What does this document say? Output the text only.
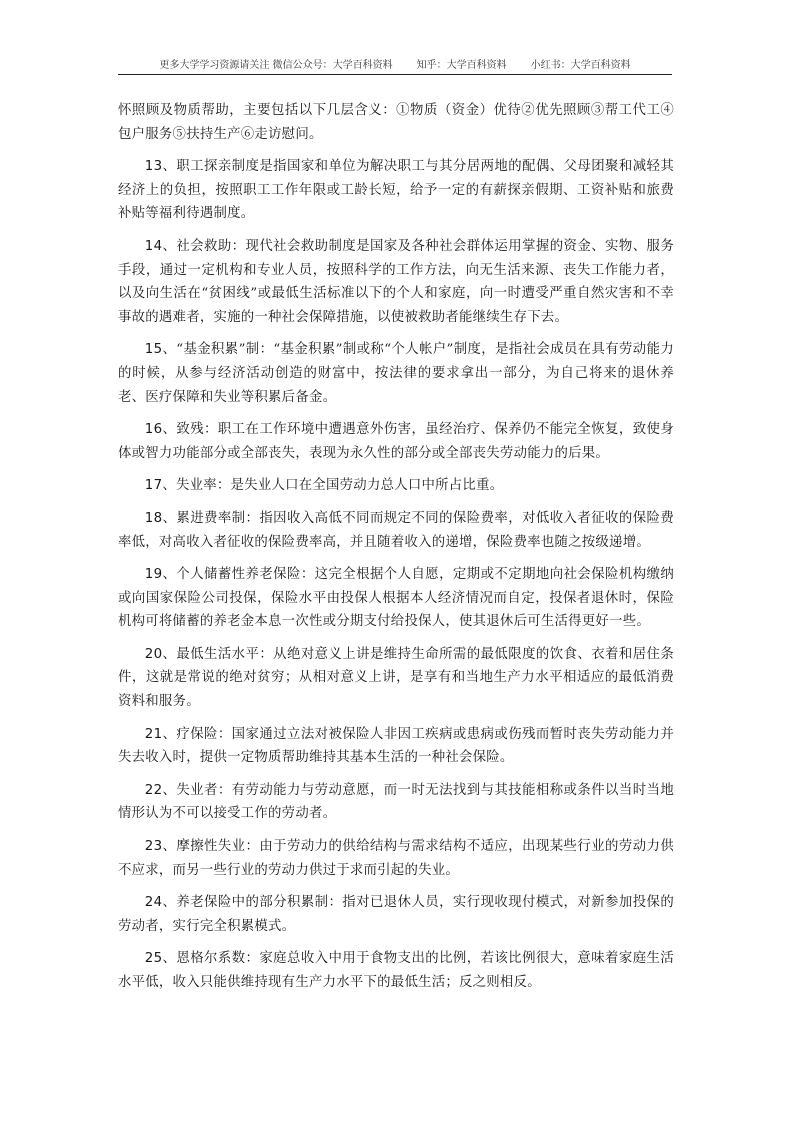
更多大学学习资源请关注 微信公众号：大学百科资料 知乎：大学百科资料 小红书：大学百科资料

怀照顾及物质帮助，主要包括以下几层含义：①物质（资金）优待②优先照顾③帮工代工④包户服务⑤扶持生产⑥走访慰问。

13、职工探亲制度是指国家和单位为解决职工与其分居两地的配偶、父母团聚和减轻其经济上的负担，按照职工工作年限或工龄长短，给予一定的有薪探亲假期、工资补贴和旅费补贴等福利待遇制度。

14、社会救助：现代社会救助制度是国家及各种社会群体运用掌握的资金、实物、服务手段，通过一定机构和专业人员，按照科学的工作方法，向无生活来源、丧失工作能力者，以及向生活在“贫困线”或最低生活标准以下的个人和家庭，向一时遭受严重自然灾害和不幸事故的遇难者，实施的一种社会保障措施，以使被救助者能继续生存下去。

15、“基金积累”制：“基金积累”制或称“个人帐户”制度，是指社会成员在具有劳动能力的时候，从参与经济活动创造的财富中，按法律的要求拿出一部分，为自己将来的退休养老、医疗保障和失业等积累后备金。

16、致残：职工在工作环境中遭遇意外伤害，虽经治疗、保养仍不能完全恢复，致使身体或智力功能部分或全部丧失，表现为永久性的部分或全部丧失劳动能力的后果。

17、失业率：是失业人口在全国劳动力总人口中所占比重。

18、累进费率制：指因收入高低不同而规定不同的保险费率，对低收入者征收的保险费率低，对高收入者征收的保险费率高，并且随着收入的递增，保险费率也随之按级递增。

19、个人储蓄性养老保险：这完全根据个人自愿，定期或不定期地向社会保险机构缴纳或向国家保险公司投保，保险水平由投保人根据本人经济情况而自定，投保者退休时，保险机构可将储蓄的养老金本息一次性或分期支付给投保人，使其退休后可生活得更好一些。

20、最低生活水平：从绝对意义上讲是维持生命所需的最低限度的饮食、衣着和居住条件，这就是常说的绝对贫穷；从相对意义上讲，是享有和当地生产力水平相适应的最低消费资料和服务。

21、疗保险：国家通过立法对被保险人非因工疾病或患病或伤残而暂时丧失劳动能力并失去收入时，提供一定物质帮助维持其基本生活的一种社会保险。

22、失业者：有劳动能力与劳动意愿，而一时无法找到与其技能相称或条件以当时当地情形认为不可以接受工作的劳动者。

23、摩擦性失业：由于劳动力的供给结构与需求结构不适应，出现某些行业的劳动力供不应求，而另一些行业的劳动力供过于求而引起的失业。

24、养老保险中的部分积累制：指对已退休人员，实行现收现付模式，对新参加投保的劳动者，实行完全积累模式。

25、恩格尔系数：家庭总收入中用于食物支出的比例，若该比例很大，意味着家庭生活水平低，收入只能供维持现有生产力水平下的最低生活；反之则相反。
